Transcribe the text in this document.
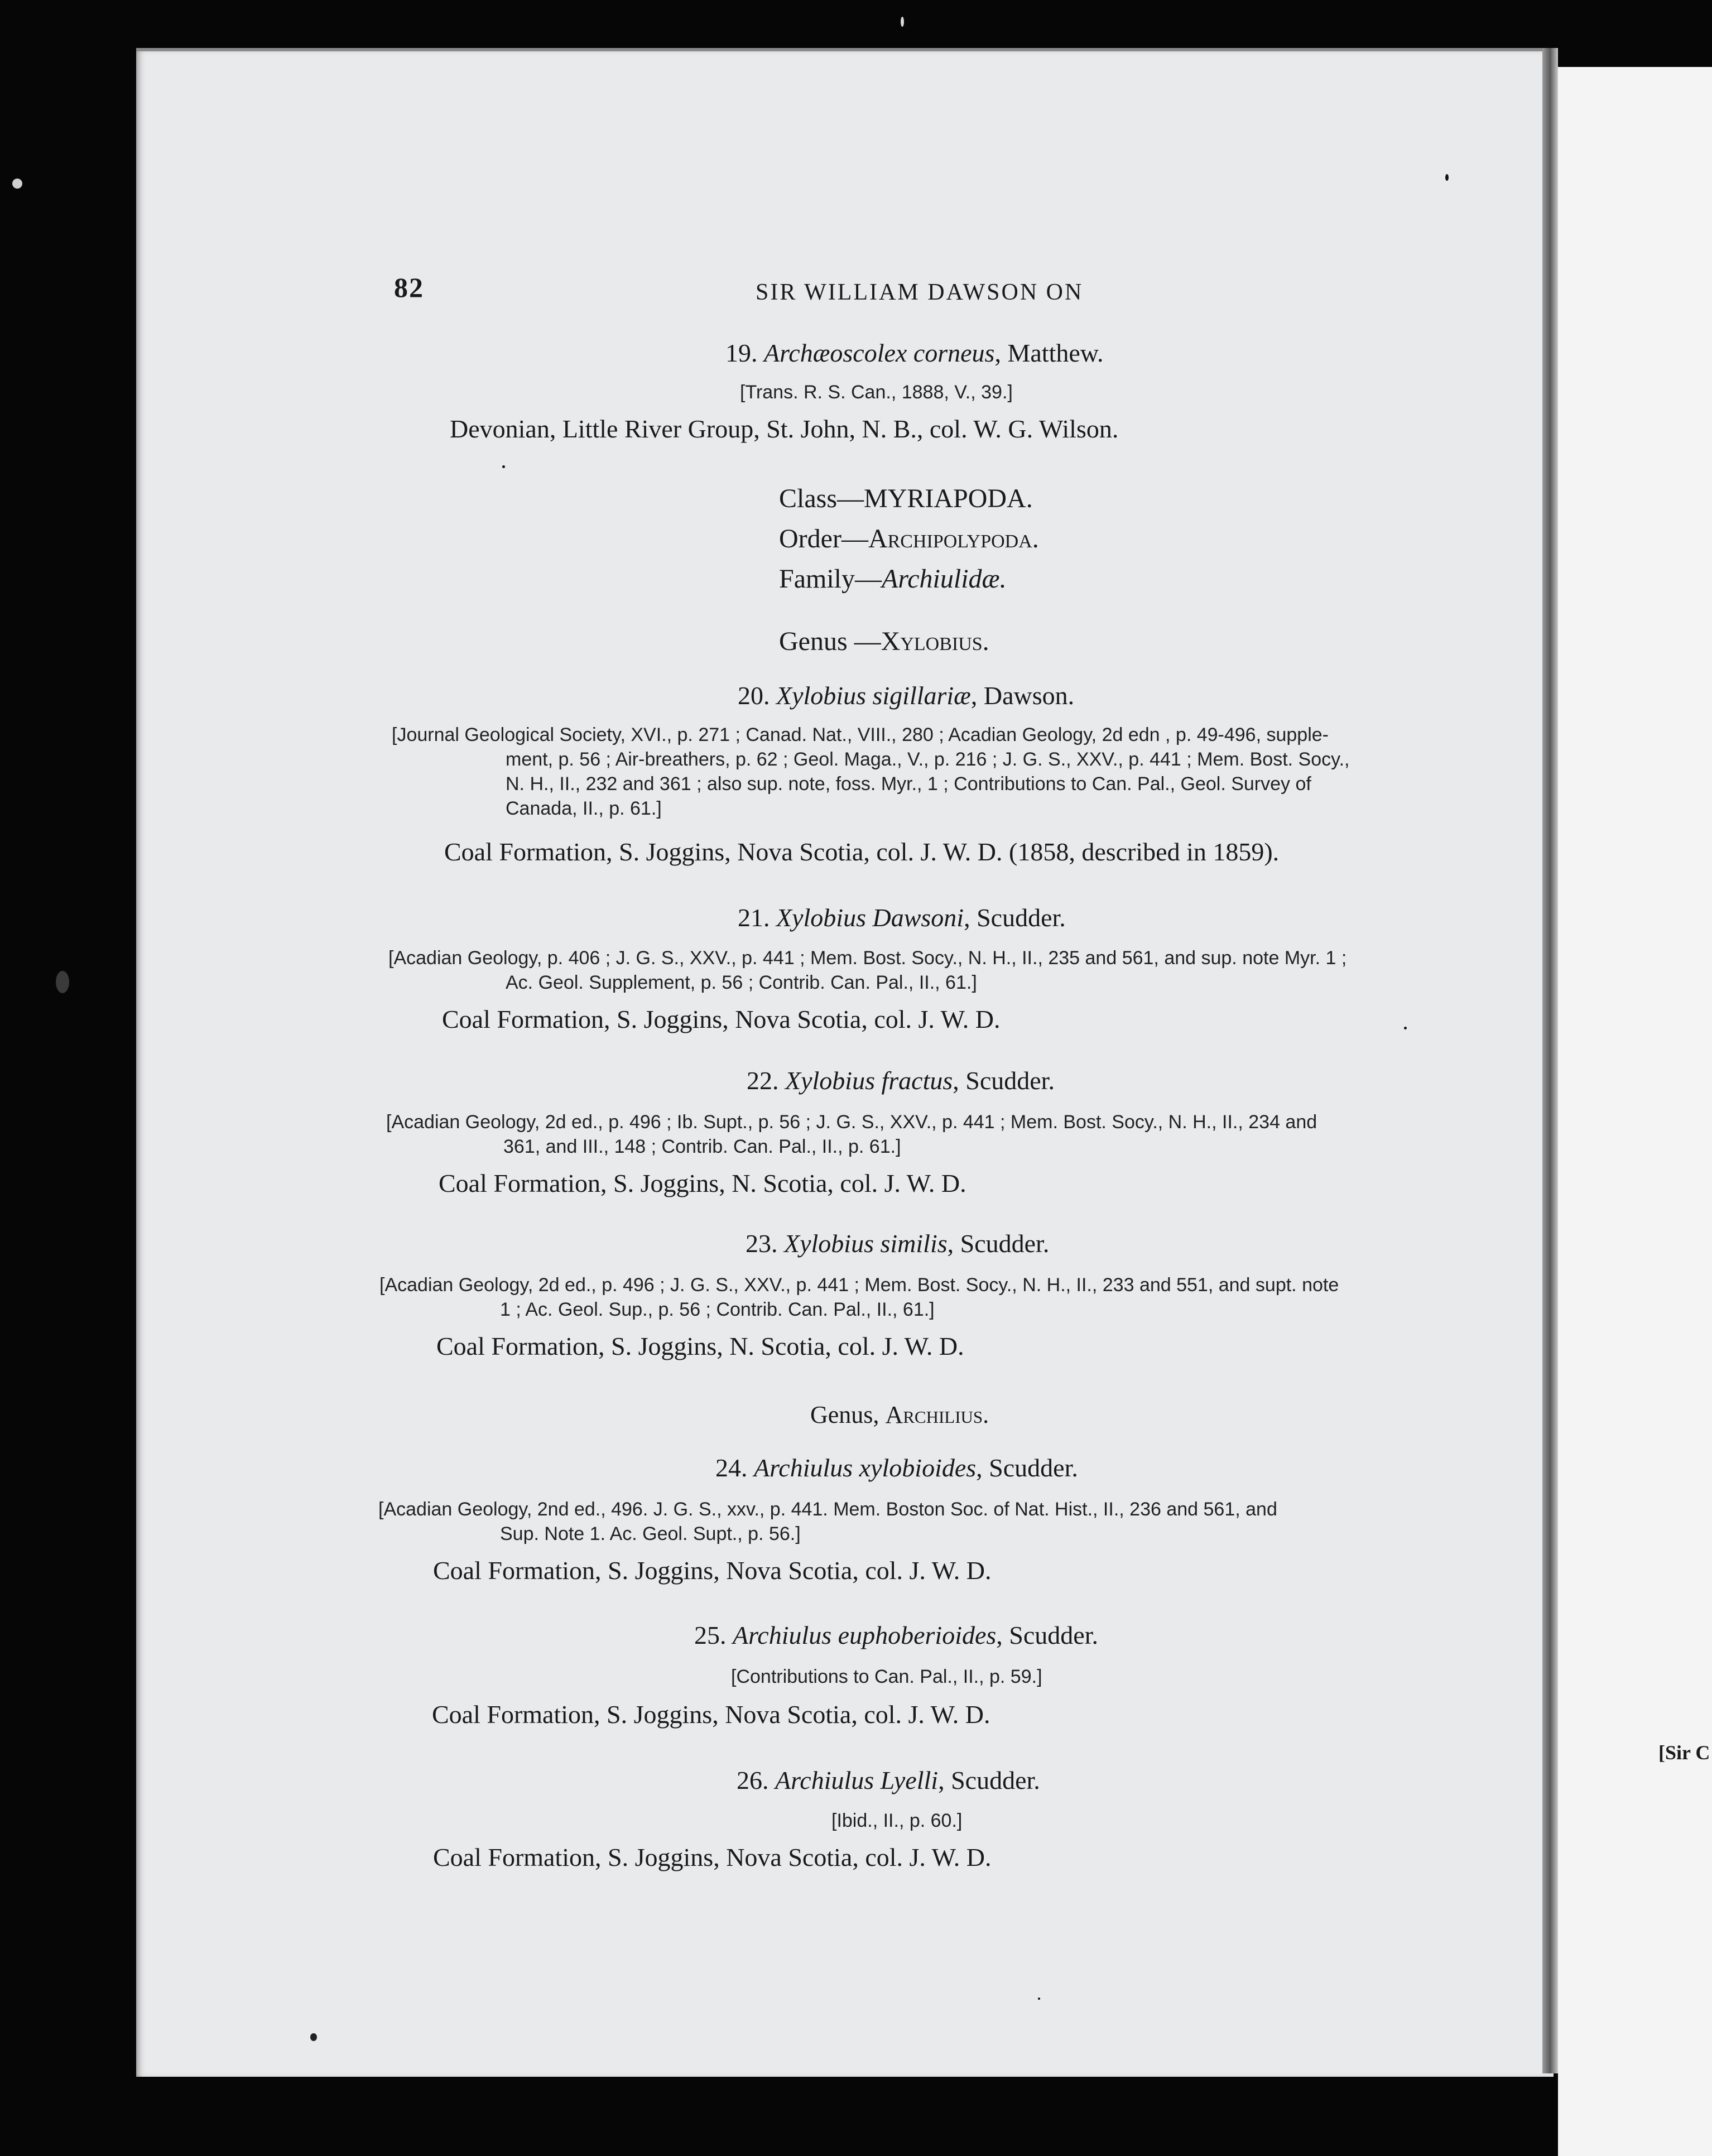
[Sir C
82	SIR WILLIAM DAWSON ON
19. Archæoscolex corneus, Matthew.
[Trans. R. S. Can., 1888, V., 39.]
Devonian, Little River Group, St. John, N. B., col. W. G. Wilson.
Class—MYRIAPODA.
Order—Archipolypoda.
Family—Archiulidæ.
Genus —Xylobius.
20. Xylobius sigillariæ, Dawson.
[Journal Geological Society, XVI., p. 271 ; Canad. Nat., VIII., 280 ; Acadian Geology, 2d edn , p. 49-496, supple-
ment, p. 56 ; Air-breathers, p. 62 ; Geol. Maga., V., p. 216 ; J. G. S., XXV., p. 441 ; Mem. Bost. Socy.,
N. H., II., 232 and 361 ; also sup. note, foss. Myr., 1 ; Contributions to Can. Pal., Geol. Survey of
Canada, II., p. 61.]
Coal Formation, S. Joggins, Nova Scotia, col. J. W. D. (1858, described in 1859).
21. Xylobius Dawsoni, Scudder.
[Acadian Geology, p. 406 ; J. G. S., XXV., p. 441 ; Mem. Bost. Socy., N. H., II., 235 and 561, and sup. note Myr. 1 ;
Ac. Geol. Supplement, p. 56 ; Contrib. Can. Pal., II., 61.]
Coal Formation, S. Joggins, Nova Scotia, col. J. W. D.
22. Xylobius fractus, Scudder.
[Acadian Geology, 2d ed., p. 496 ; Ib. Supt., p. 56 ; J. G. S., XXV., p. 441 ; Mem. Bost. Socy., N. H., II., 234 and
361, and III., 148 ; Contrib. Can. Pal., II., p. 61.]
Coal Formation, S. Joggins, N. Scotia, col. J. W. D.
23. Xylobius similis, Scudder.
[Acadian Geology, 2d ed., p. 496 ; J. G. S., XXV., p. 441 ; Mem. Bost. Socy., N. H., II., 233 and 551, and supt. note
1 ; Ac. Geol. Sup., p. 56 ; Contrib. Can. Pal., II., 61.]
Coal Formation, S. Joggins, N. Scotia, col. J. W. D.
Genus, Archilius.
24. Archiulus xylobioides, Scudder.
[Acadian Geology, 2nd ed., 496. J. G. S., xxv., p. 441. Mem. Boston Soc. of Nat. Hist., II., 236 and 561, and
Sup. Note 1. Ac. Geol. Supt., p. 56.]
Coal Formation, S. Joggins, Nova Scotia, col. J. W. D.
25. Archiulus euphoberioides, Scudder.
[Contributions to Can. Pal., II., p. 59.]
Coal Formation, S. Joggins, Nova Scotia, col. J. W. D.
26. Archiulus Lyelli, Scudder.
[Ibid., II., p. 60.]
Coal Formation, S. Joggins, Nova Scotia, col. J. W. D.
